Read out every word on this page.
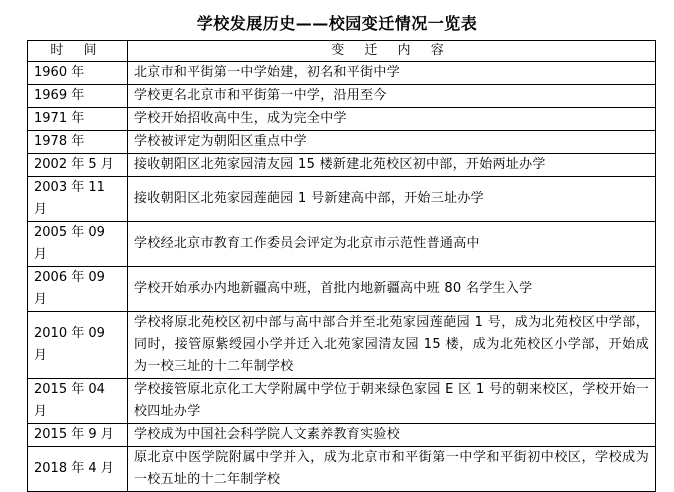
学校发展历史——校园变迁情况一览表
时 间	变 迁 内 容
1960 年	北京市和平街第一中学始建，初名和平街中学
1969 年	学校更名北京市和平街第一中学，沿用至今
1971 年	学校开始招收高中生，成为完全中学
1978 年	学校被评定为朝阳区重点中学
2002 年 5 月	接收朝阳区北苑家园清友园 15 楼新建北苑校区初中部，开始两址办学
2003 年 11 月	接收朝阳区北苑家园莲葩园 1 号新建高中部，开始三址办学
2005 年 09 月	学校经北京市教育工作委员会评定为北京市示范性普通高中
2006 年 09 月	学校开始承办内地新疆高中班，首批内地新疆高中班 80 名学生入学
2010 年 09 月	学校将原北苑校区初中部与高中部合并至北苑家园莲葩园 1 号，成为北苑校区中学部，同时，接管原紫绶园小学并迁入北苑家园清友园 15 楼，成为北苑校区小学部，开始成为一校三址的十二年制学校
2015 年 04 月	学校接管原北京化工大学附属中学位于朝来绿色家园 E 区 1 号的朝来校区，学校开始一校四址办学
2015 年 9 月	学校成为中国社会科学院人文素养教育实验校
2018 年 4 月	原北京中医学院附属中学并入，成为北京市和平街第一中学和平街初中校区，学校成为一校五址的十二年制学校
